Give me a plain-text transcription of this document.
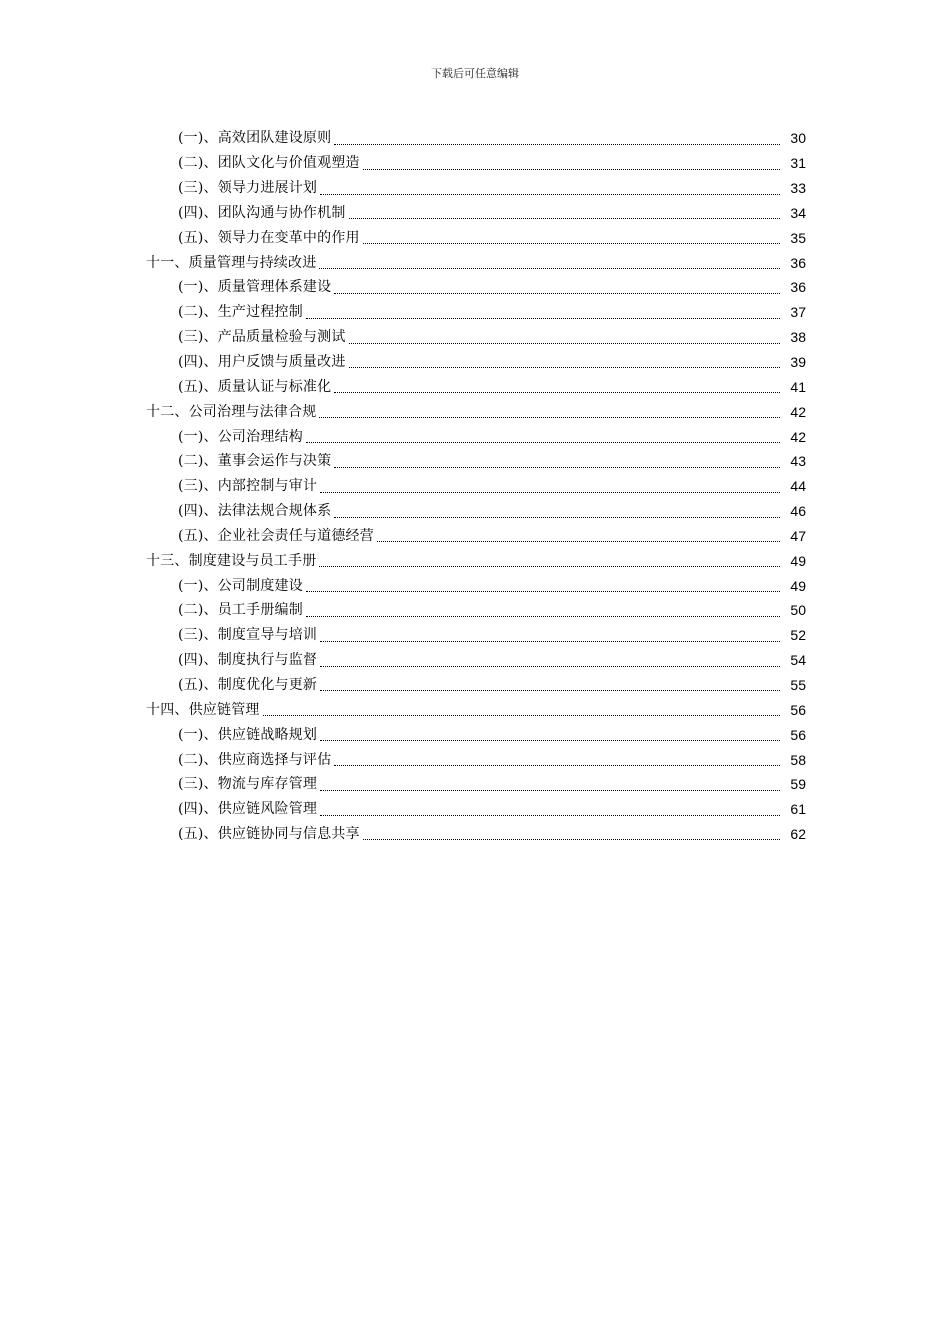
下载后可任意编辑
(一)、高效团队建设原则	30
(二)、团队文化与价值观塑造	31
(三)、领导力进展计划	33
(四)、团队沟通与协作机制	34
(五)、领导力在变革中的作用	35
十一、质量管理与持续改进	36
(一)、质量管理体系建设	36
(二)、生产过程控制	37
(三)、产品质量检验与测试	38
(四)、用户反馈与质量改进	39
(五)、质量认证与标准化	41
十二、公司治理与法律合规	42
(一)、公司治理结构	42
(二)、董事会运作与决策	43
(三)、内部控制与审计	44
(四)、法律法规合规体系	46
(五)、企业社会责任与道德经营	47
十三、制度建设与员工手册	49
(一)、公司制度建设	49
(二)、员工手册编制	50
(三)、制度宣导与培训	52
(四)、制度执行与监督	54
(五)、制度优化与更新	55
十四、供应链管理	56
(一)、供应链战略规划	56
(二)、供应商选择与评估	58
(三)、物流与库存管理	59
(四)、供应链风险管理	61
(五)、供应链协同与信息共享	62
